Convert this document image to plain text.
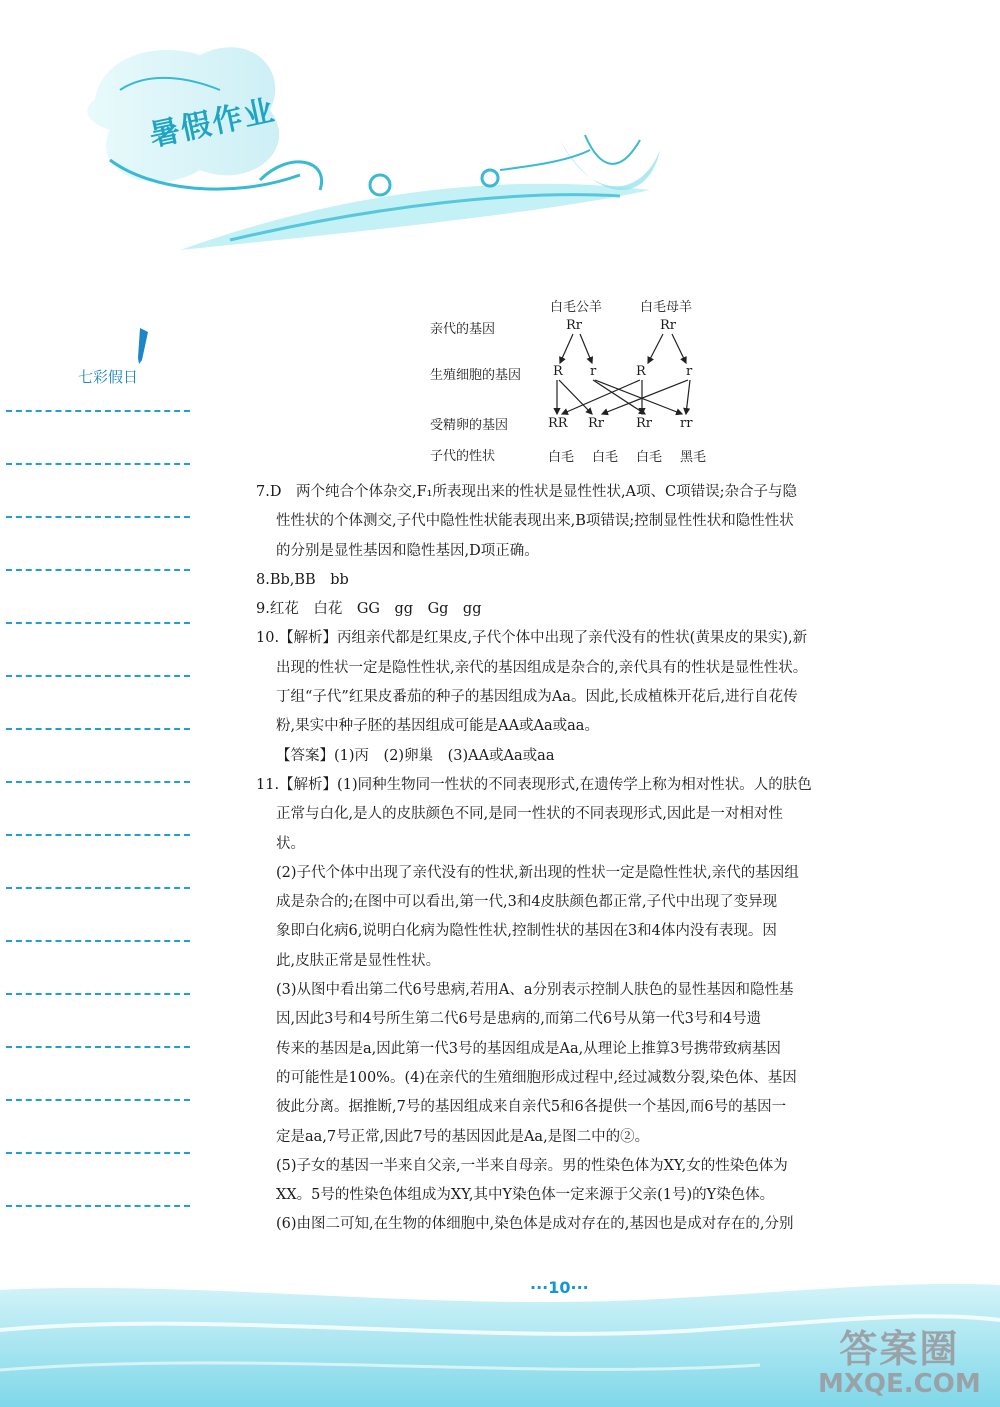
暑假作业
七彩假日
白毛公羊	白毛母羊
亲代的基因	Rr	Rr
生殖细胞的基因 R r	R	r
受精卵的基因	RR Rr Rr rr
子代的性状	白毛 白毛 白毛 黑毛

7.D　两个纯合个体杂交,F₁所表现出来的性状是显性性状,A项、C项错误;杂合子与隐

性性状的个体测交,子代中隐性性状能表现出来,B项错误;控制显性性状和隐性性状

的分别是显性基因和隐性基因,D项正确。

8.Bb,BB　bb

9.红花　白花　GG　gg　Gg　gg

10.【解析】丙组亲代都是红果皮,子代个体中出现了亲代没有的性状(黄果皮的果实),新

出现的性状一定是隐性性状,亲代的基因组成是杂合的,亲代具有的性状是显性性状。

丁组“子代”红果皮番茄的种子的基因组成为Aa。因此,长成植株开花后,进行自花传

粉,果实中种子胚的基因组成可能是AA或Aa或aa。

【答案】(1)丙　(2)卵巢　(3)AA或Aa或aa

11.【解析】(1)同种生物同一性状的不同表现形式,在遗传学上称为相对性状。人的肤色

正常与白化,是人的皮肤颜色不同,是同一性状的不同表现形式,因此是一对相对性

状。

(2)子代个体中出现了亲代没有的性状,新出现的性状一定是隐性性状,亲代的基因组

成是杂合的;在图中可以看出,第一代,3和4皮肤颜色都正常,子代中出现了变异现

象即白化病6,说明白化病为隐性性状,控制性状的基因在3和4体内没有表现。因

此,皮肤正常是显性性状。

(3)从图中看出第二代6号患病,若用A、a分别表示控制人肤色的显性基因和隐性基

因,因此3号和4号所生第二代6号是患病的,而第二代6号从第一代3号和4号遗

传来的基因是a,因此第一代3号的基因组成是Aa,从理论上推算3号携带致病基因

的可能性是100%。(4)在亲代的生殖细胞形成过程中,经过减数分裂,染色体、基因

彼此分离。据推断,7号的基因组成来自亲代5和6各提供一个基因,而6号的基因一

定是aa,7号正常,因此7号的基因因此是Aa,是图二中的②。

(5)子女的基因一半来自父亲,一半来自母亲。男的性染色体为XY,女的性染色体为

XX。5号的性染色体组成为XY,其中Y染色体一定来源于父亲(1号)的Y染色体。

(6)由图二可知,在生物的体细胞中,染色体是成对存在的,基因也是成对存在的,分别

···10···
答案圈
MXQE.COM
